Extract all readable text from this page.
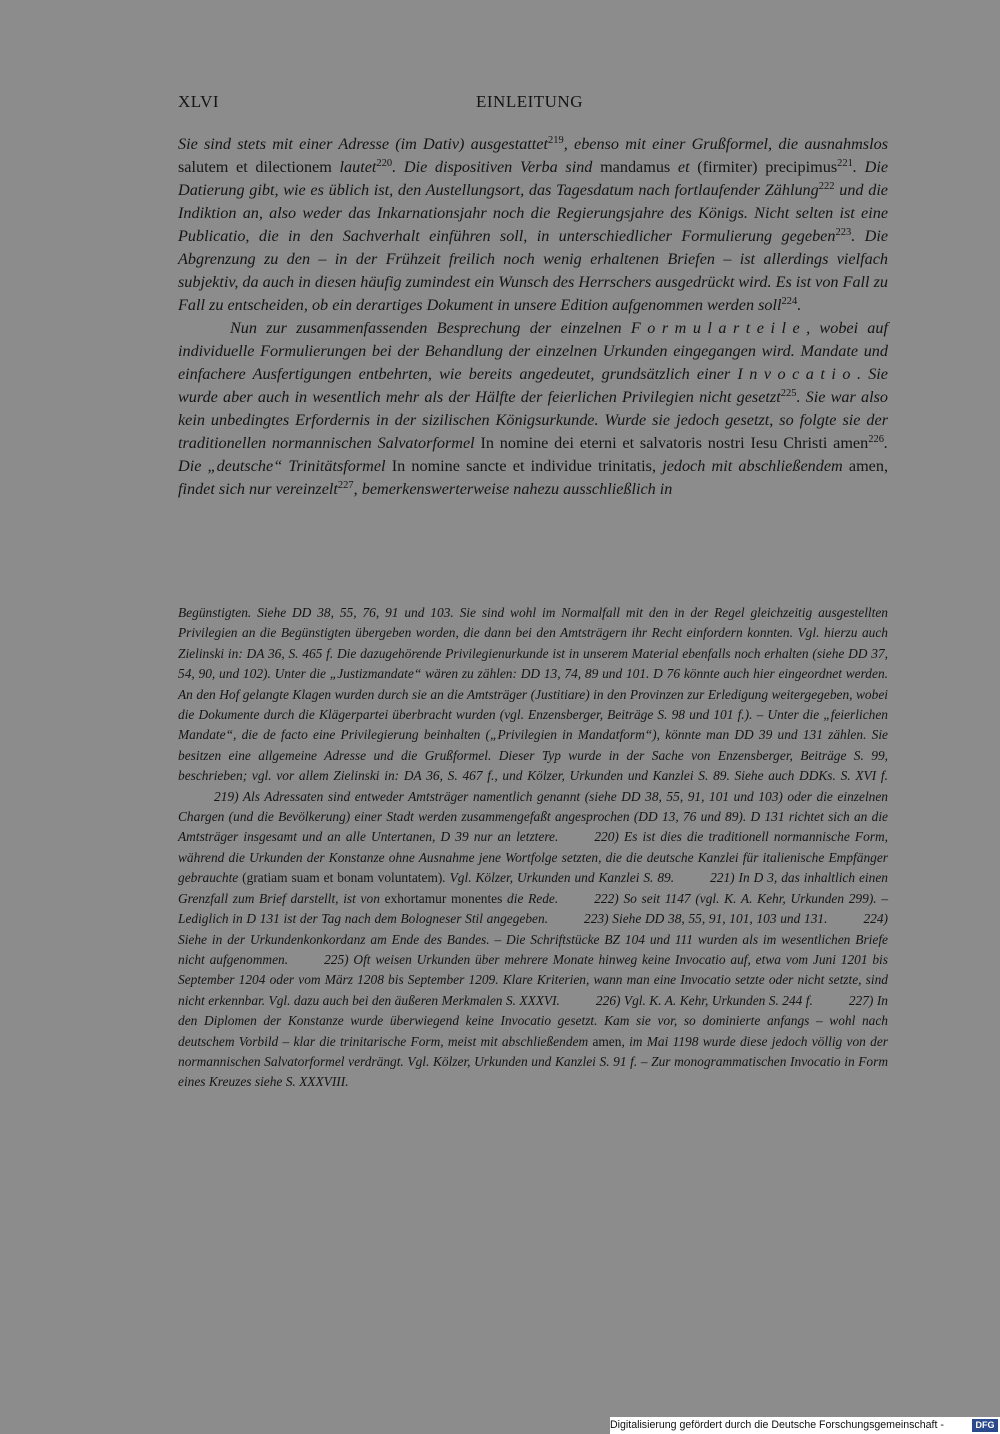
XLVI	EINLEITUNG

Sie sind stets mit einer Adresse (im Dativ) ausgestattet$^{219}$, ebenso mit einer Grußformel, die ausnahmslos salutem et dilectionem lautet$^{220}$. Die dispositiven Verba sind mandamus et (firmiter) precipimus$^{221}$. Die Datierung gibt, wie es üblich ist, den Austellungsort, das Tagesdatum nach fortlaufender Zählung$^{222}$ und die Indiktion an, also weder das Inkarnationsjahr noch die Regierungsjahre des Königs. Nicht selten ist eine Publicatio, die in den Sachverhalt einführen soll, in unterschiedlicher Formulierung gegeben$^{223}$. Die Abgrenzung zu den – in der Frühzeit freilich noch wenig erhaltenen Briefen – ist allerdings vielfach subjektiv, da auch in diesen häufig zumindest ein Wunsch des Herrschers ausgedrückt wird. Es ist von Fall zu Fall zu entscheiden, ob ein derartiges Dokument in unsere Edition aufgenommen werden soll$^{224}$.

Nun zur zusammenfassenden Besprechung der einzelnen Formularteile, wobei auf individuelle Formulierungen bei der Behandlung der einzelnen Urkunden eingegangen wird. Mandate und einfachere Ausfertigungen entbehrten, wie bereits angedeutet, grundsätzlich einer Invocatio. Sie wurde aber auch in wesentlich mehr als der Hälfte der feierlichen Privilegien nicht gesetzt$^{225}$. Sie war also kein unbedingtes Erfordernis in der sizilischen Königsurkunde. Wurde sie jedoch gesetzt, so folgte sie der traditionellen normannischen Salvatorformel In nomine dei eterni et salvatoris nostri Iesu Christi amen$^{226}$. Die „deutsche“ Trinitätsformel In nomine sancte et individue trinitatis, jedoch mit abschließendem amen, findet sich nur vereinzelt$^{227}$, bemerkenswerterweise nahezu ausschließlich in

Begünstigten. Siehe DD 38, 55, 76, 91 und 103. Sie sind wohl im Normalfall mit den in der Regel gleichzeitig ausgestellten Privilegien an die Begünstigten übergeben worden, die dann bei den Amtsträgern ihr Recht einfordern konnten. Vgl. hierzu auch Zielinski in: DA 36, S. 465 f. Die dazugehörende Privilegienurkunde ist in unserem Material ebenfalls noch erhalten (siehe DD 37, 54, 90, und 102). Unter die „Justizmandate“ wären zu zählen: DD 13, 74, 89 und 101. D 76 könnte auch hier eingeordnet werden. An den Hof gelangte Klagen wurden durch sie an die Amtsträger (Justitiare) in den Provinzen zur Erledigung weitergegeben, wobei die Dokumente durch die Klägerpartei überbracht wurden (vgl. Enzensberger, Beiträge S. 98 und 101 f.). – Unter die „feierlichen Mandate“, die de facto eine Privilegierung beinhalten („Privilegien in Mandatform“), könnte man DD 39 und 131 zählen. Sie besitzen eine allgemeine Adresse und die Grußformel. Dieser Typ wurde in der Sache von Enzensberger, Beiträge S. 99, beschrieben; vgl. vor allem Zielinski in: DA 36, S. 467 f., und Kölzer, Urkunden und Kanzlei S. 89. Siehe auch DDKs. S. XVI f.219) Als Adressaten sind entweder Amtsträger namentlich genannt (siehe DD 38, 55, 91, 101 und 103) oder die einzelnen Chargen (und die Bevölkerung) einer Stadt werden zusammengefaßt angesprochen (DD 13, 76 und 89). D 131 richtet sich an die Amtsträger insgesamt und an alle Untertanen, D 39 nur an letztere.	220) Es ist dies die traditionell normannische Form, während die Urkunden der Konstanze ohne Ausnahme jene Wortfolge setzten, die die deutsche Kanzlei für italienische Empfänger gebrauchte (gratiam suam et bonam voluntatem). Vgl. Kölzer, Urkunden und Kanzlei S. 89.	221) In D 3, das inhaltlich einen Grenzfall zum Brief darstellt, ist von exhortamur monentes die Rede.	222) So seit 1147 (vgl. K. A. Kehr, Urkunden 299). – Lediglich in D 131 ist der Tag nach dem Bologneser Stil angegeben.	223) Siehe DD 38, 55, 91, 101, 103 und 131.	224) Siehe in der Urkundenkonkordanz am Ende des Bandes. – Die Schriftstücke BZ 104 und 111 wurden als im wesentlichen Briefe nicht aufgenommen.	225) Oft weisen Urkunden über mehrere Monate hinweg keine Invocatio auf, etwa vom Juni 1201 bis September 1204 oder vom März 1208 bis September 1209. Klare Kriterien, wann man eine Invocatio setzte oder nicht setzte, sind nicht erkennbar. Vgl. dazu auch bei den äußeren Merkmalen S. XXXVI.	226) Vgl. K. A. Kehr, Urkunden S. 244 f.	227) In den Diplomen der Konstanze wurde überwiegend keine Invocatio gesetzt. Kam sie vor, so dominierte anfangs – wohl nach deutschem Vorbild – klar die trinitarische Form, meist mit abschließendem amen, im Mai 1198 wurde diese jedoch völlig von der normannischen Salvatorformel verdrängt. Vgl. Kölzer, Urkunden und Kanzlei S. 91 f. – Zur monogrammatischen Invocatio in Form eines Kreuzes siehe S. XXXVIII.

Digitalisierung gefördert durch die Deutsche Forschungsgemeinschaft -	DFG
